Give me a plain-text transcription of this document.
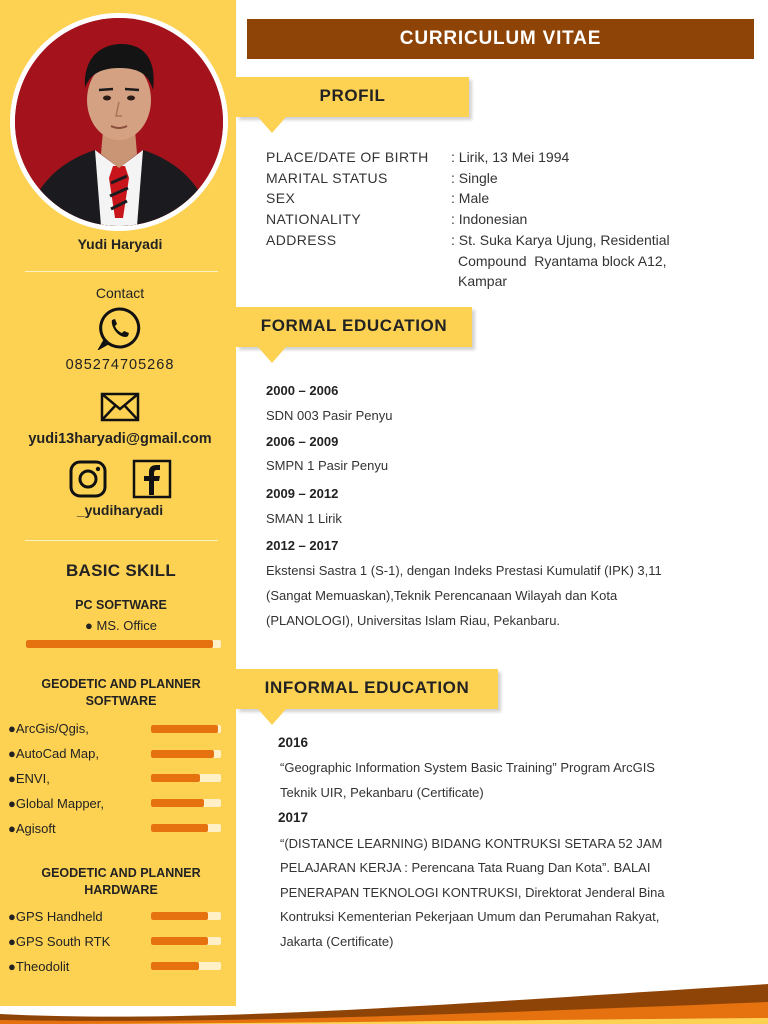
Yudi Haryadi
Contact
085274705268
yudi13haryadi@gmail.com
_yudiharyadi
BASIC SKILL
PC SOFTWARE
● MS. Office
GEODETIC AND PLANNER
SOFTWARE
●ArcGis/Qgis,
●AutoCad Map,
●ENVI,
●Global Mapper,
●Agisoft
GEODETIC AND PLANNER
HARDWARE
●GPS Handheld
●GPS South RTK
●Theodolit
CURRICULUM VITAE
PROFIL
PLACE/DATE OF BIRTH : Lirik, 13 Mei 1994
MARITAL STATUS	: Single
SEX	: Male
NATIONALITY	: Indonesian
ADDRESS	: St. Suka Karya Ujung, Residential
Compound  Ryantama block A12,
Kampar
FORMAL EDUCATION
2000 – 2006
SDN 003 Pasir Penyu
2006 – 2009
SMPN 1 Pasir Penyu
2009 – 2012
SMAN 1 Lirik
2012 – 2017
Ekstensi Sastra 1 (S-1), dengan Indeks Prestasi Kumulatif (IPK) 3,11
(Sangat Memuaskan),Teknik Perencanaan Wilayah dan Kota
(PLANOLOGI), Universitas Islam Riau, Pekanbaru.
INFORMAL EDUCATION
2016
“Geographic Information System Basic Training” Program ArcGIS
Teknik UIR, Pekanbaru (Certificate)
2017
“(DISTANCE LEARNING) BIDANG KONTRUKSI SETARA 52 JAM
PELAJARAN KERJA : Perencana Tata Ruang Dan Kota”. BALAI
PENERAPAN TEKNOLOGI KONTRUKSI, Direktorat Jenderal Bina
Kontruksi Kementerian Pekerjaan Umum dan Perumahan Rakyat,
Jakarta (Certificate)
